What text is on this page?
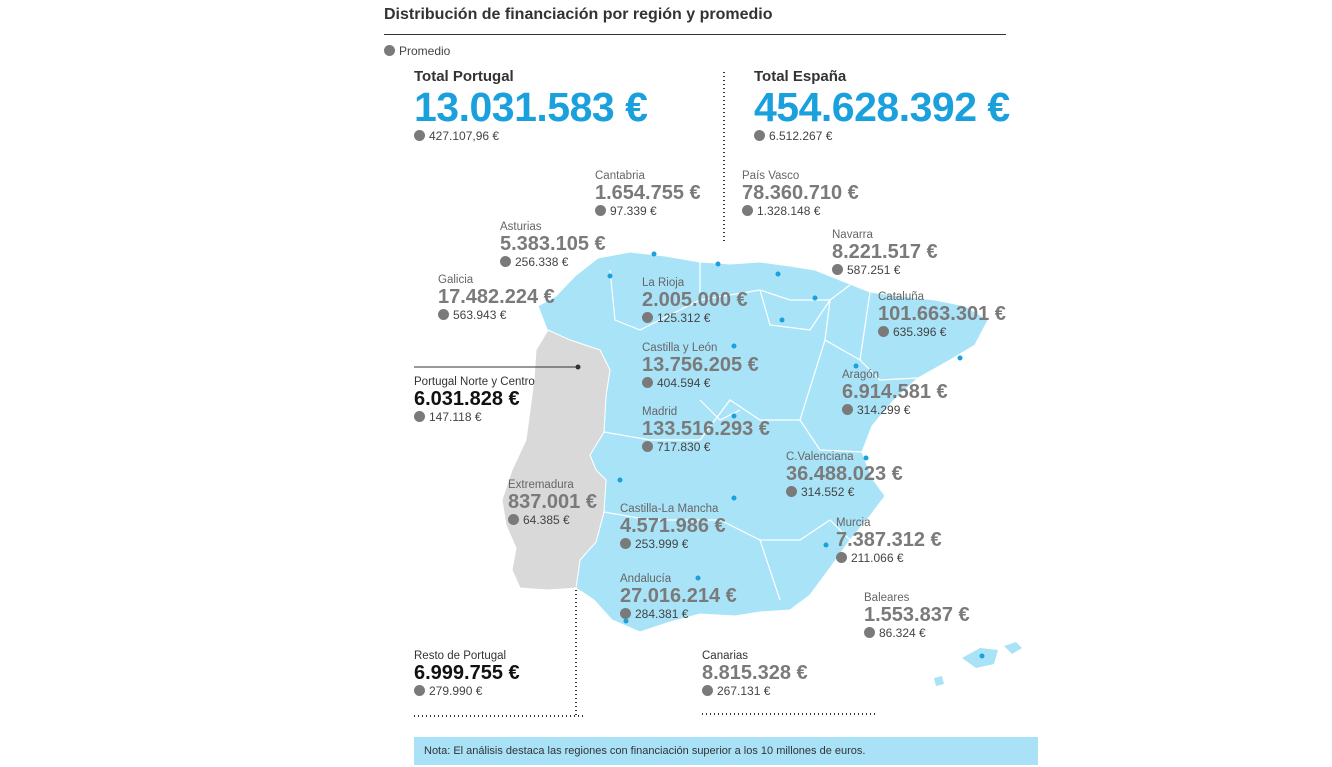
Distribución de financiación por región y promedio
Promedio
Total Portugal
13.031.583 €
427.107,96 €
Total España
454.628.392 €
6.512.267 €
Cantabria
1.654.755 €
97.339 €
País Vasco
78.360.710 €
1.328.148 €
Asturias
5.383.105 €
256.338 €
Navarra
8.221.517 €
587.251 €
Galicia
17.482.224 €
563.943 €
La Rioja
2.005.000 €
125.312 €
Cataluña
101.663.301 €
635.396 €
Castilla y León
13.756.205 €
404.594 €
Portugal Norte y Centro
6.031.828 €
147.118 €
Aragón
6.914.581 €
314.299 €
Madrid
133.516.293 €
717.830 €
C.Valenciana
36.488.023 €
314.552 €
Extremadura
837.001 €
64.385 €
Castilla-La Mancha
4.571.986 €
253.999 €
Murcia
7.387.312 €
211.066 €
Andalucía
27.016.214 €
284.381 €
Baleares
1.553.837 €
86.324 €
Resto de Portugal
6.999.755 €
279.990 €
Canarias
8.815.328 €
267.131 €
Nota: El análisis destaca las regiones con financiación superior a los 10 millones de euros.
